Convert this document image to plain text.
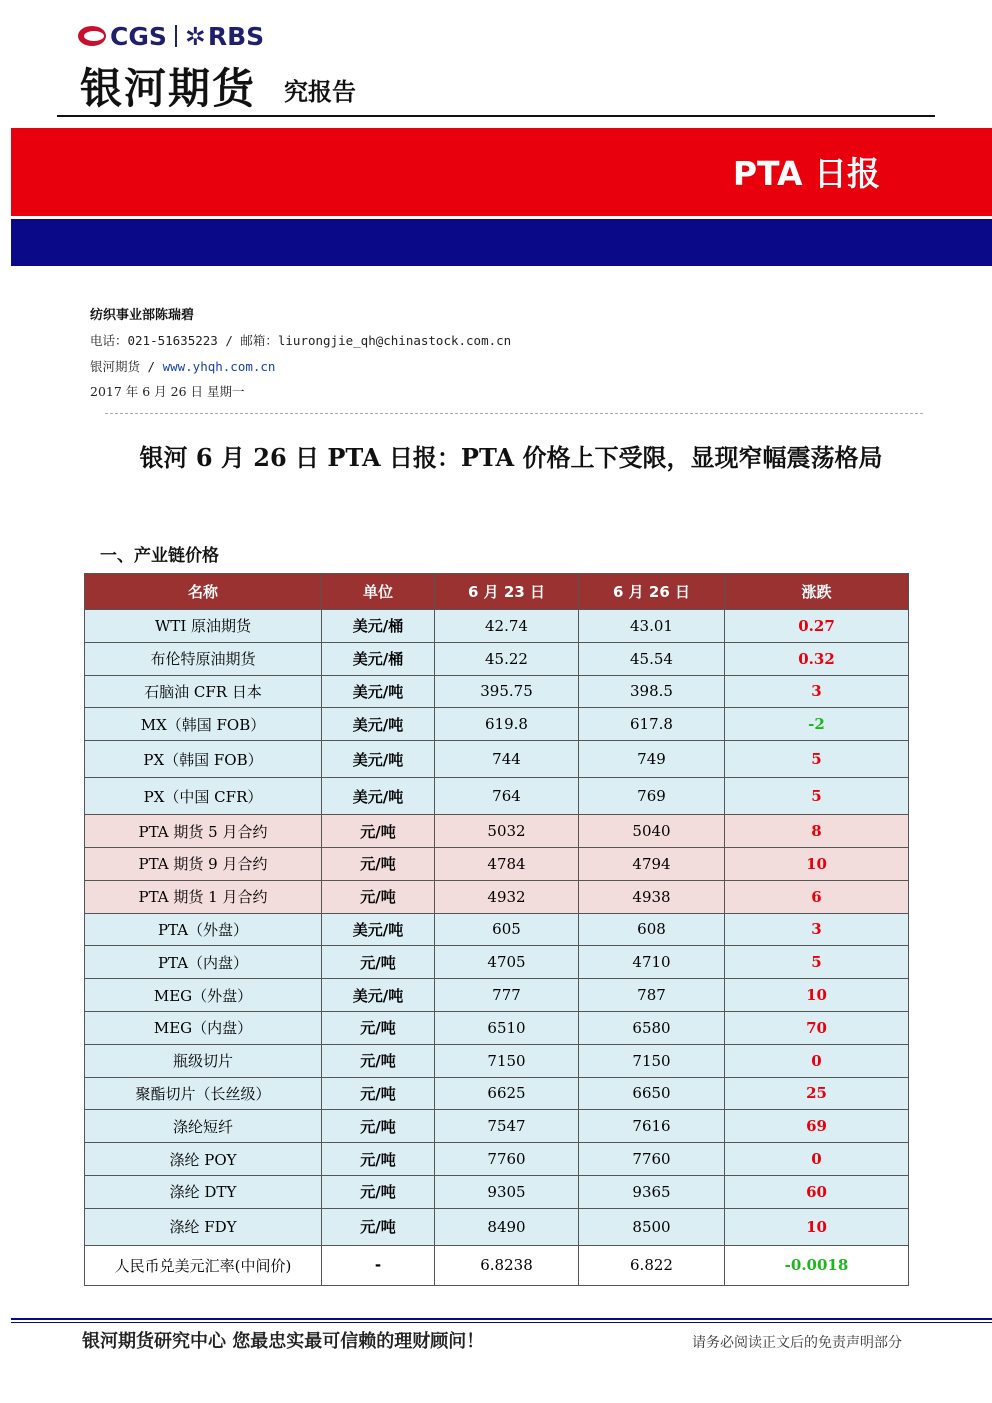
CGS ✲RBS
银河期货 究报告
PTA 日报
纺织事业部陈瑞碧
电话：021-51635223 / 邮箱：liurongjie_qh@chinastock.com.cn
银河期货 / www.yhqh.com.cn
2017 年 6 月 26 日 星期一
银河 6 月 26 日 PTA 日报：PTA 价格上下受限，显现窄幅震荡格局
一、产业链价格
名称	单位	6 月 23 日	6 月 26 日	涨跌
WTI 原油期货	美元/桶	42.74	43.01	0.27
布伦特原油期货	美元/桶	45.22	45.54	0.32
石脑油 CFR 日本	美元/吨	395.75	398.5	3
MX（韩国 FOB）	美元/吨	619.8	617.8	-2
PX（韩国 FOB）	美元/吨	744	749	5
PX（中国 CFR）	美元/吨	764	769	5
PTA 期货 5 月合约	元/吨	5032	5040	8
PTA 期货 9 月合约	元/吨	4784	4794	10
PTA 期货 1 月合约	元/吨	4932	4938	6
PTA（外盘）	美元/吨	605	608	3
PTA（内盘）	元/吨	4705	4710	5
MEG（外盘）	美元/吨	777	787	10
MEG（内盘）	元/吨	6510	6580	70
瓶级切片	元/吨	7150	7150	0
聚酯切片（长丝级）	元/吨	6625	6650	25
涤纶短纤	元/吨	7547	7616	69
涤纶 POY	元/吨	7760	7760	0
涤纶 DTY	元/吨	9305	9365	60
涤纶 FDY	元/吨	8490	8500	10
人民币兑美元汇率(中间价)	-	6.8238	6.822	-0.0018
银河期货研究中心 您最忠实最可信赖的理财顾问！	请务必阅读正文后的免责声明部分
